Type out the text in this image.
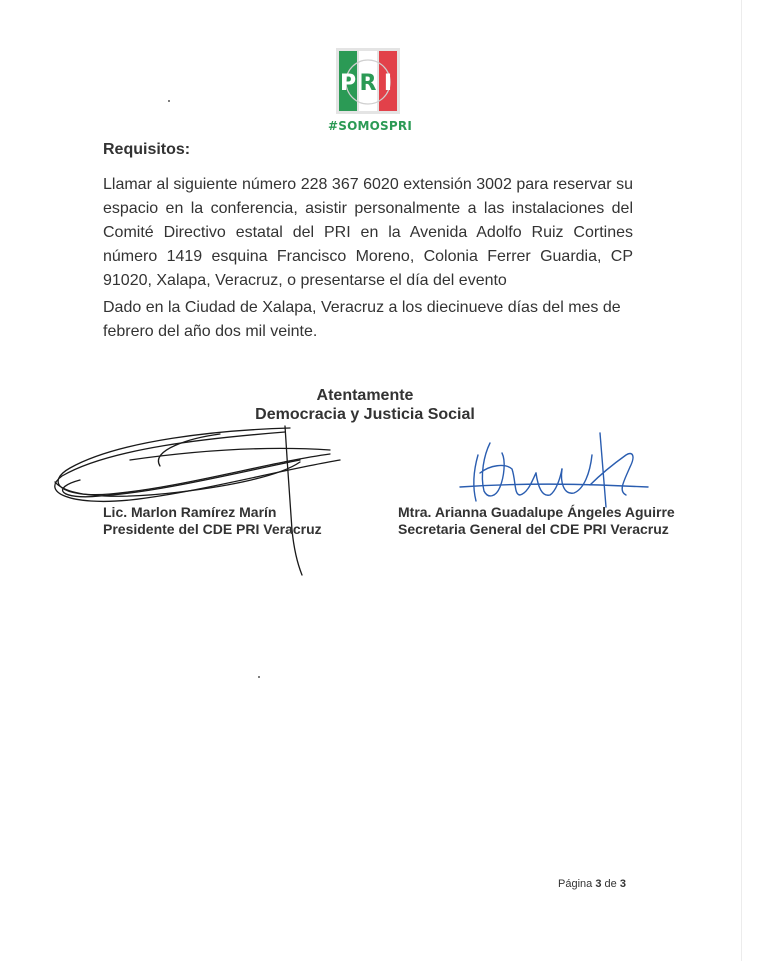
P R I
#SOMOSPRI
Requisitos:
Llamar al siguiente número 228 367 6020 extensión 3002 para reservar su espacio en la conferencia, asistir personalmente a las instalaciones del Comité Directivo estatal del PRI en la Avenida Adolfo Ruiz Cortines número 1419 esquina Francisco Moreno, Colonia Ferrer Guardia, CP 91020, Xalapa, Veracruz, o presentarse el día del evento
Dado en la Ciudad de Xalapa, Veracruz a los diecinueve días del mes de febrero del año dos mil veinte.
Atentamente
Democracia y Justicia Social
Lic. Marlon Ramírez Marín
Presidente del CDE PRI Veracruz
Mtra. Arianna Guadalupe Ángeles Aguirre
Secretaria General del CDE PRI Veracruz
Página 3 de 3
